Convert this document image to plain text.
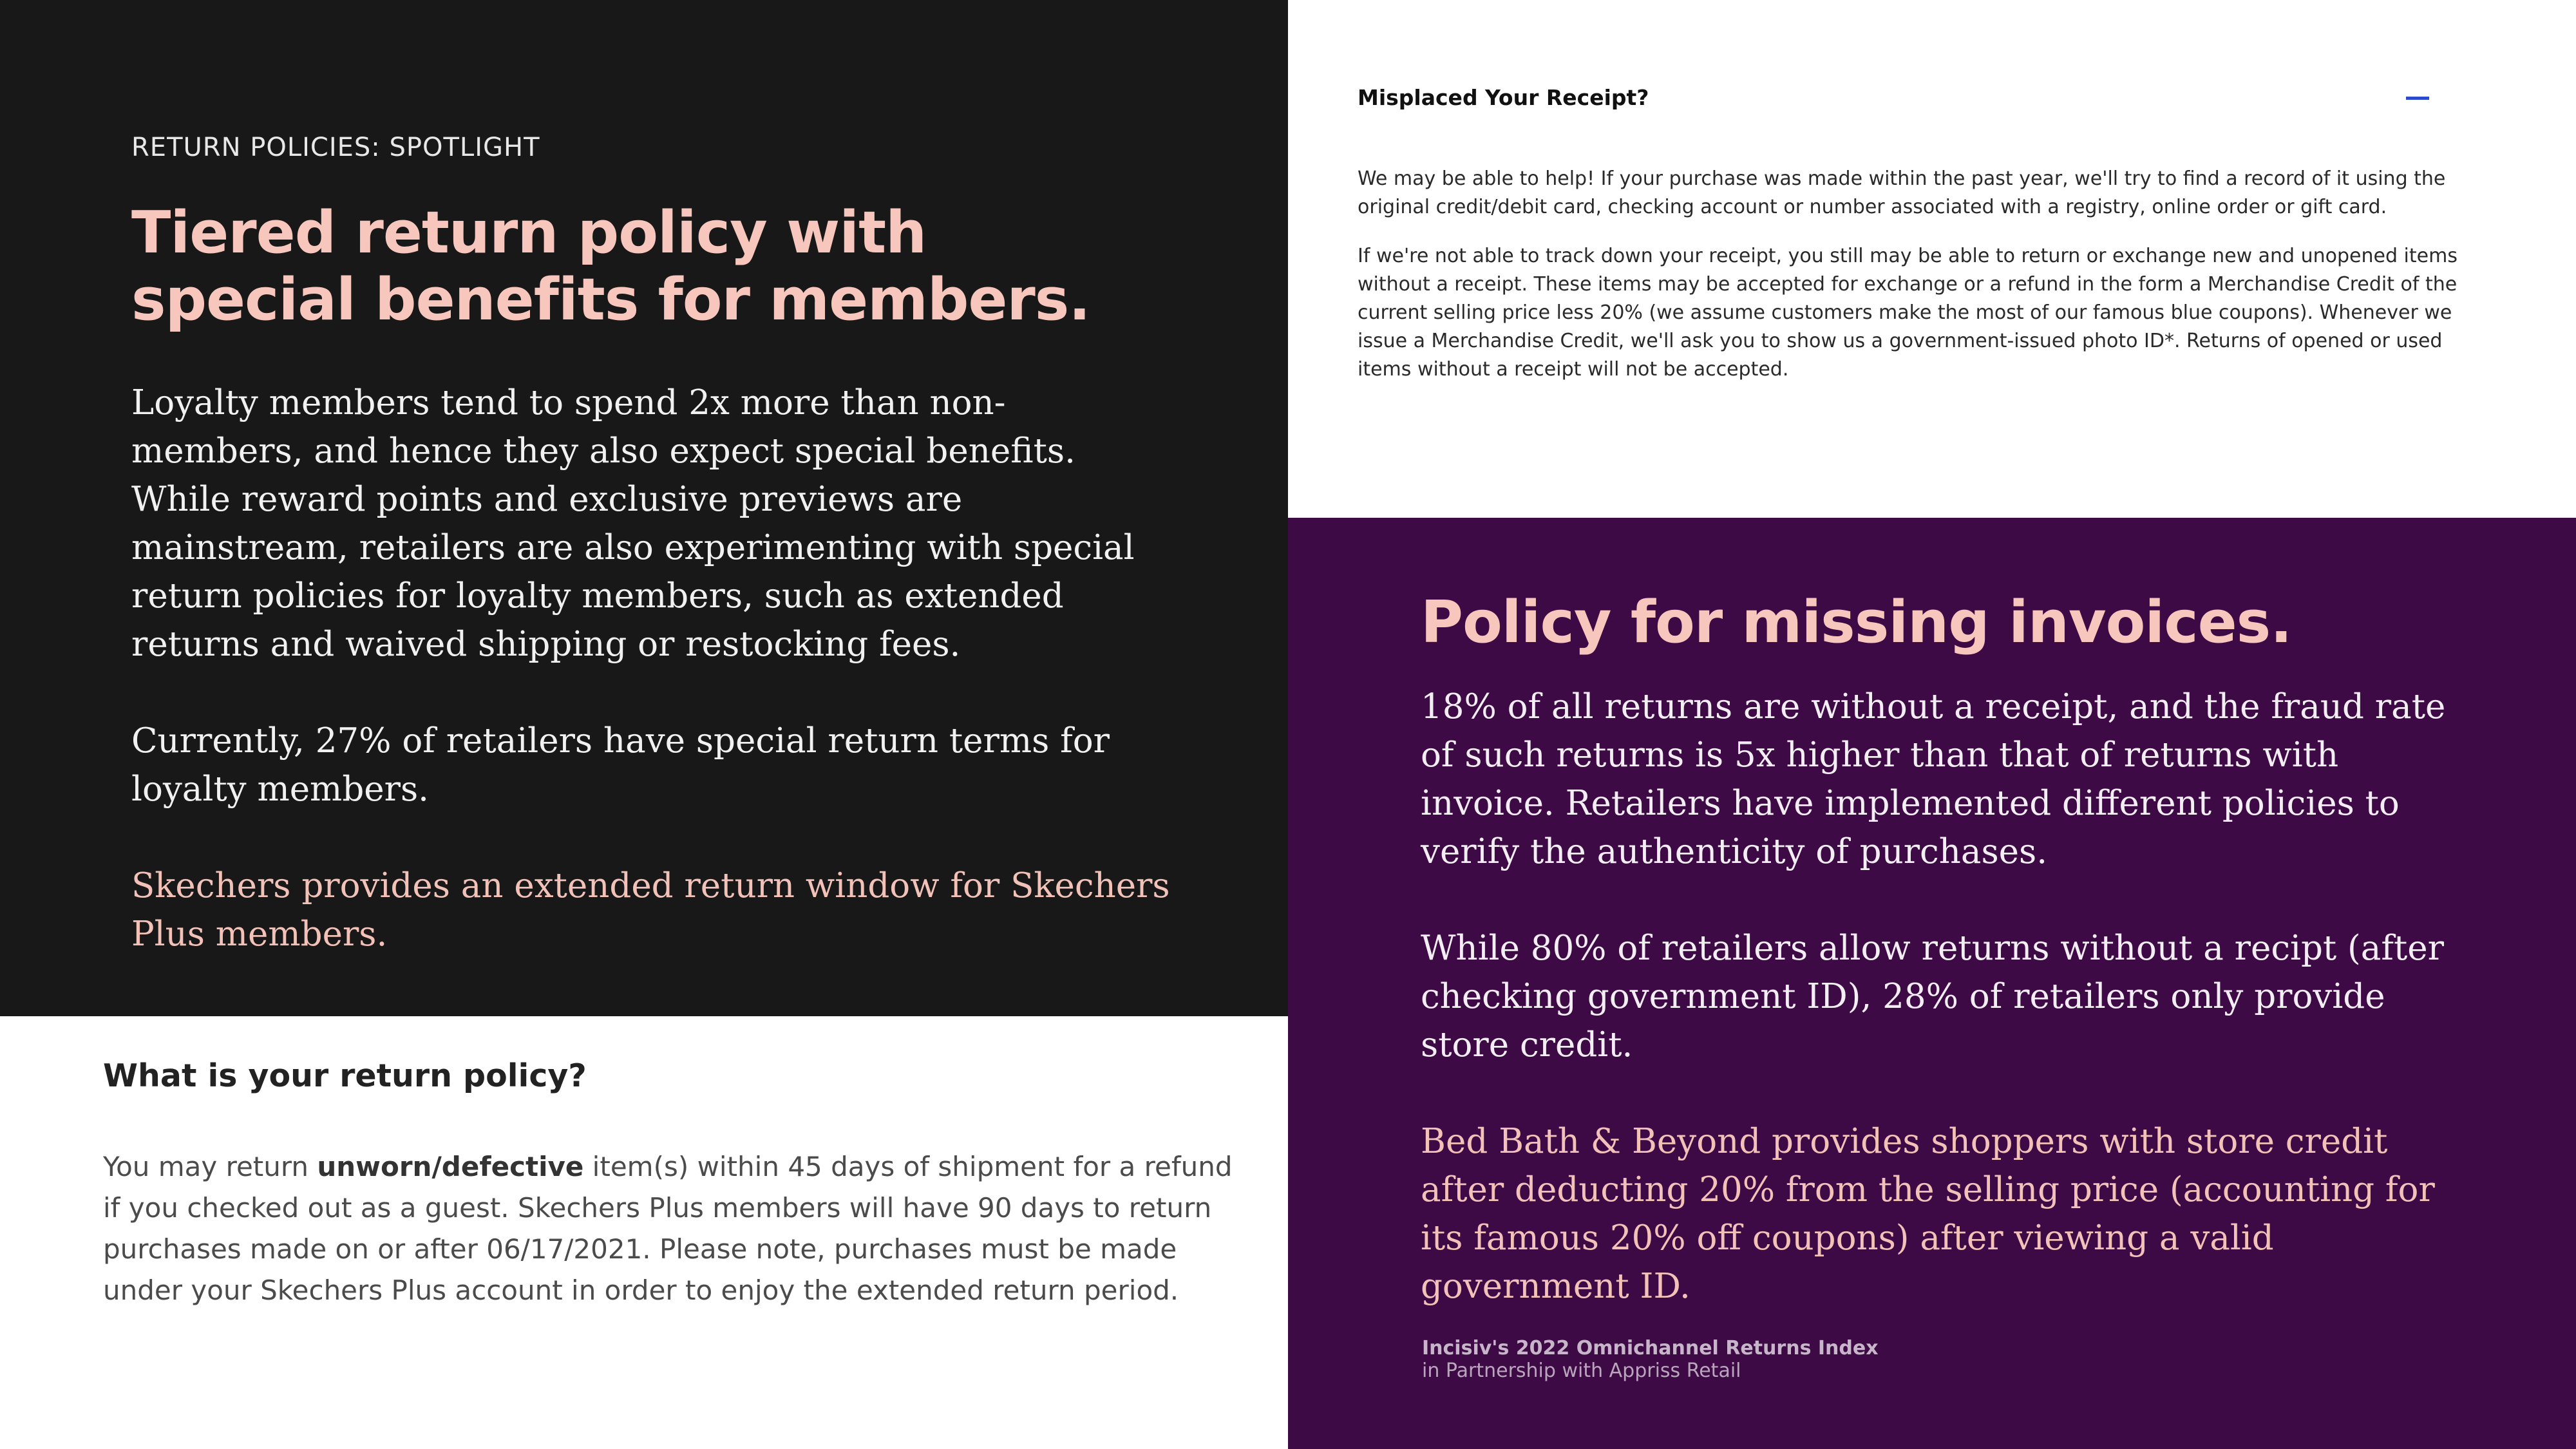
RETURN POLICIES: SPOTLIGHT
Tiered return policy with special benefits for members.

Loyalty members tend to spend 2x more than non-members, and hence they also expect special benefits. While reward points and exclusive previews are mainstream, retailers are also experimenting with special return policies for loyalty members, such as extended returns and waived shipping or restocking fees.

Currently, 27% of retailers have special return terms for loyalty members.

Skechers provides an extended return window for Skechers Plus members.

What is your return policy?

You may return unworn/defective item(s) within 45 days of shipment for a refund if you checked out as a guest. Skechers Plus members will have 90 days to return purchases made on or after 06/17/2021. Please note, purchases must be made under your Skechers Plus account in order to enjoy the extended return period.

Misplaced Your Receipt?

We may be able to help! If your purchase was made within the past year, we'll try to find a record of it using the original credit/debit card, checking account or number associated with a registry, online order or gift card.

If we're not able to track down your receipt, you still may be able to return or exchange new and unopened items without a receipt. These items may be accepted for exchange or a refund in the form a Merchandise Credit of the current selling price less 20% (we assume customers make the most of our famous blue coupons). Whenever we issue a Merchandise Credit, we'll ask you to show us a government-issued photo ID*. Returns of opened or used items without a receipt will not be accepted.

Policy for missing invoices.

18% of all returns are without a receipt, and the fraud rate of such returns is 5x higher than that of returns with invoice. Retailers have implemented different policies to verify the authenticity of purchases.

While 80% of retailers allow returns without a recipt (after checking government ID), 28% of retailers only provide store credit.

Bed Bath & Beyond provides shoppers with store credit after deducting 20% from the selling price (accounting for its famous 20% off coupons) after viewing a valid government ID.

Incisiv's 2022 Omnichannel Returns Index
in Partnership with Appriss Retail
